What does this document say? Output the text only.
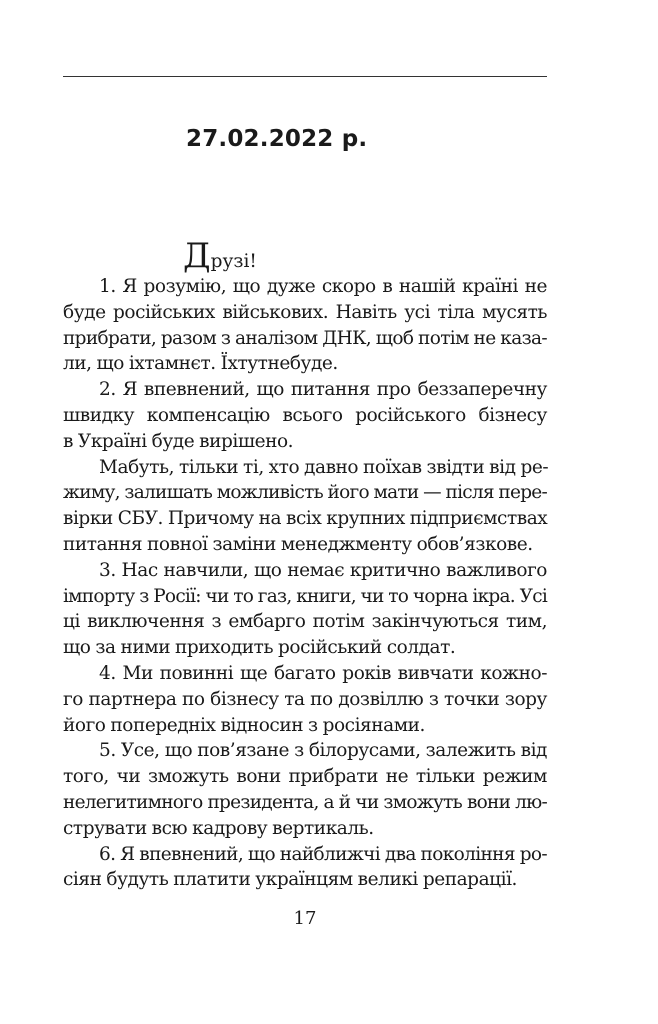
27.02.2022 р.
Друзі!
1. Я розумію, що дуже скоро в нашій країні не
буде російських військових. Навіть усі тіла мусять
прибрати, разом з аналізом ДНК, щоб потім не каза-
ли, що іхтамнєт. Їхтутнебуде.
2. Я впевнений, що питання про беззаперечну
швидку компенсацію всього російського бізнесу
в Україні буде вирішено.
Мабуть, тільки ті, хто давно поїхав звідти від ре-
жиму, залишать можливість його мати — після пере-
вірки СБУ. Причому на всіх крупних підприємствах
питання повної заміни менеджменту обов’язкове.
3. Нас навчили, що немає критично важливого
імпорту з Росії: чи то газ, книги, чи то чорна ікра. Усі
ці виключення з ембарго потім закінчуються тим,
що за ними приходить російський солдат.
4. Ми повинні ще багато років вивчати кожно-
го партнера по бізнесу та по дозвіллю з точки зору
його попередніх відносин з росіянами.
5. Усе, що пов’язане з білорусами, залежить від
того, чи зможуть вони прибрати не тільки режим
нелегитимного президента, а й чи зможуть вони лю-
струвати всю кадрову вертикаль.
6. Я впевнений, що найближчі два покоління ро-
сіян будуть платити українцям великі репарації.
17
